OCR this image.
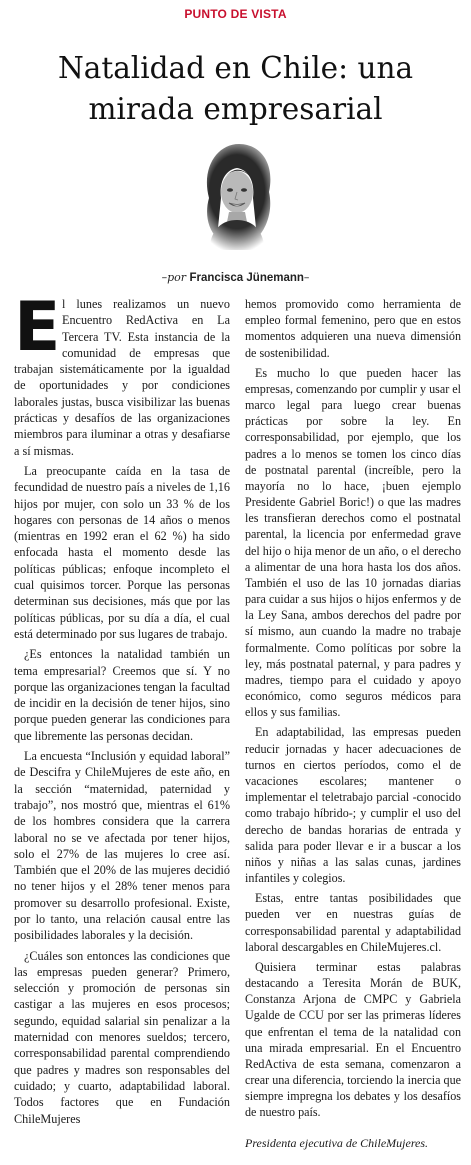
PUNTO DE VISTA
Natalidad en Chile: una mirada empresarial
–por Francisca Jünemann–
E l lunes realizamos un nuevo Encuentro RedActiva en La Tercera TV. Esta instancia de la comunidad de empresas que trabajan sistemáticamente por la igualdad de oportunidades y por condiciones laborales justas, busca visibilizar las buenas prácticas y desafíos de las organizaciones miembros para iluminar a otras y desafiarse a sí mismas.

La preocupante caída en la tasa de fecundidad de nuestro país a niveles de 1,16 hijos por mujer, con solo un 33 % de los hogares con personas de 14 años o menos (mientras en 1992 eran el 62 %) ha sido enfocada hasta el momento desde las políticas públicas; enfoque incompleto el cual quisimos torcer. Porque las personas determinan sus decisiones, más que por las políticas públicas, por su día a día, el cual está determinado por sus lugares de trabajo.

¿Es entonces la natalidad también un tema empresarial? Creemos que sí. Y no porque las organizaciones tengan la facultad de incidir en la decisión de tener hijos, sino porque pueden generar las condiciones para que libremente las personas decidan.

La encuesta “Inclusión y equidad laboral” de Descifra y ChileMujeres de este año, en la sección “maternidad, paternidad y trabajo”, nos mostró que, mientras el 61% de los hombres considera que la carrera laboral no se ve afectada por tener hijos, solo el 27% de las mujeres lo cree así. También que el 20% de las mujeres decidió no tener hijos y el 28% tener menos para promover su desarrollo profesional. Existe, por lo tanto, una relación causal entre las posibilidades laborales y la decisión.

¿Cuáles son entonces las condiciones que las empresas pueden generar? Primero, selección y promoción de personas sin castigar a las mujeres en esos procesos; segundo, equidad salarial sin penalizar a la maternidad con menores sueldos; tercero, corresponsabilidad parental comprendiendo que padres y madres son responsables del cuidado; y cuarto, adaptabilidad laboral. Todos factores que en Fundación ChileMujeres

hemos promovido como herramienta de empleo formal femenino, pero que en estos momentos adquieren una nueva dimensión de sostenibilidad.

Es mucho lo que pueden hacer las empresas, comenzando por cumplir y usar el marco legal para luego crear buenas prácticas por sobre la ley. En corresponsabilidad, por ejemplo, que los padres a lo menos se tomen los cinco días de postnatal parental (increíble, pero la mayoría no lo hace, ¡buen ejemplo Presidente Gabriel Boric!) o que las madres les transfieran derechos como el postnatal parental, la licencia por enfermedad grave del hijo o hija menor de un año, o el derecho a alimentar de una hora hasta los dos años. También el uso de las 10 jornadas diarias para cuidar a sus hijos o hijos enfermos y de la Ley Sana, ambos derechos del padre por sí mismo, aun cuando la madre no trabaje formalmente. Como políticas por sobre la ley, más postnatal paternal, y para padres y madres, tiempo para el cuidado y apoyo económico, como seguros médicos para ellos y sus familias.

En adaptabilidad, las empresas pueden reducir jornadas y hacer adecuaciones de turnos en ciertos períodos, como el de vacaciones escolares; mantener o implementar el teletrabajo parcial -conocido como trabajo híbrido-; y cumplir el uso del derecho de bandas horarias de entrada y salida para poder llevar e ir a buscar a los niños y niñas a las salas cunas, jardines infantiles y colegios.

Estas, entre tantas posibilidades que pueden ver en nuestras guías de corresponsabilidad parental y adaptabilidad laboral descargables en ChileMujeres.cl.

Quisiera terminar estas palabras destacando a Teresita Morán de BUK, Constanza Arjona de CMPC y Gabriela Ugalde de CCU por ser las primeras líderes que enfrentan el tema de la natalidad con una mirada empresarial. En el Encuentro RedActiva de esta semana, comenzaron a crear una diferencia, torciendo la inercia que siempre impregna los debates y los desafíos de nuestro país.

Presidenta ejecutiva de ChileMujeres.
